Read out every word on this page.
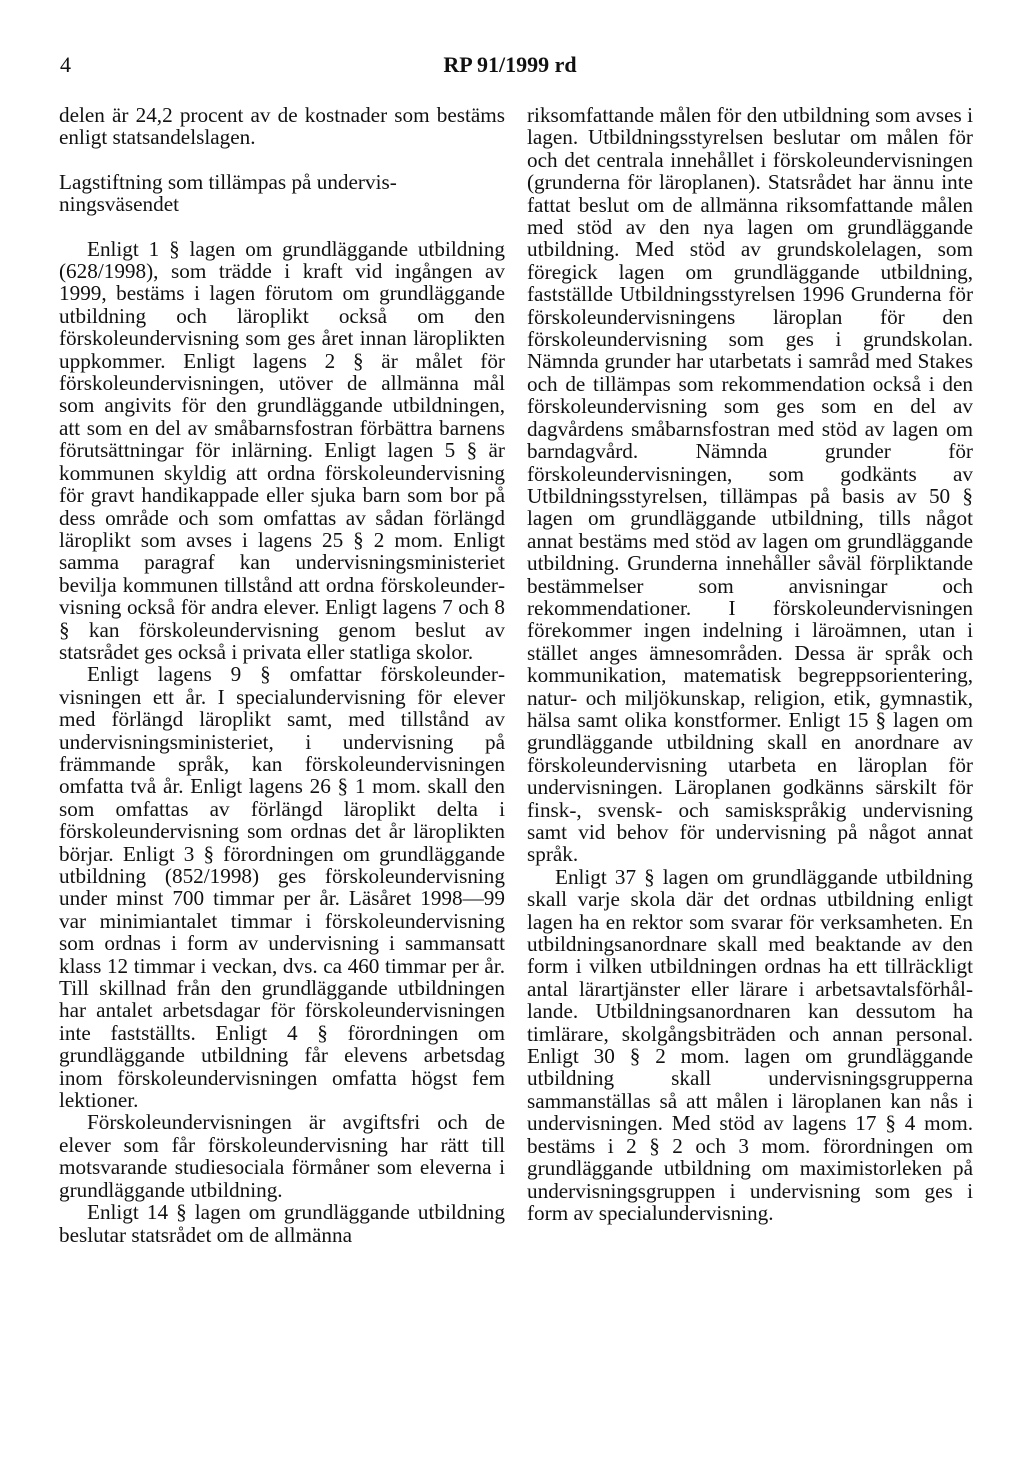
4	RP 91/1999 rd

delen är 24,2 procent av de kostnader som bestäms enligt statsandelslagen.

Lagstiftning som tillämpas på undervisningsväsendet

Enligt 1 § lagen om grundläggande utbildning (628/1998), som trädde i kraft vid ingången av 1999, bestäms i lagen förutom om grundläggande utbildning och läroplikt också om den förskoleundervisning som ges året innan läroplikten uppkommer. Enligt lagens 2 § är målet för förskoleundervisningen, utöver de allmänna mål som angivits för den grundläggande utbildningen, att som en del av småbarnsfostran förbättra barnens förutsättningar för inlärning. Enligt lagen 5 § är kommunen skyldig att ordna förskoleundervisning för gravt handikappade eller sjuka barn som bor på dess område och som omfattas av sådan förlängd läroplikt som avses i lagens 25 § 2 mom. Enligt samma paragraf kan undervisningsministeriet bevilja kommunen tillstånd att ordna förskoleundervisning också för andra elever. Enligt lagens 7 och 8 § kan förskoleundervisning genom beslut av statsrådet ges också i privata eller statliga skolor.

Enligt lagens 9 § omfattar förskoleundervisningen ett år. I specialundervisning för elever med förlängd läroplikt samt, med tillstånd av undervisningsministeriet, i undervisning på främmande språk, kan förskoleundervisningen omfatta två år. Enligt lagens 26 § 1 mom. skall den som omfattas av förlängd läroplikt delta i förskoleundervisning som ordnas det år läroplikten börjar. Enligt 3 § förordningen om grundläggande utbildning (852/1998) ges förskoleundervisning under minst 700 timmar per år. Läsåret 1998—99 var minimiantalet timmar i förskoleundervisning som ordnas i form av undervisning i sammansatt klass 12 timmar i veckan, dvs. ca 460 timmar per år. Till skillnad från den grundläggande utbildningen har antalet arbetsdagar för förskoleundervisningen inte fastställts. Enligt 4 § förordningen om grundläggande utbildning får elevens arbetsdag inom förskoleundervisningen omfatta högst fem lektioner.

Förskoleundervisningen är avgiftsfri och de elever som får förskoleundervisning har rätt till motsvarande studiesociala förmåner som eleverna i grundläggande utbildning.

Enligt 14 § lagen om grundläggande utbildning beslutar statsrådet om de allmänna

riksomfattande målen för den utbildning som avses i lagen. Utbildningsstyrelsen beslutar om målen för och det centrala innehållet i förskoleundervisningen (grunderna för läroplanen). Statsrådet har ännu inte fattat beslut om de allmänna riksomfattande målen med stöd av den nya lagen om grundläggande utbildning. Med stöd av grundskolelagen, som föregick lagen om grundläggande utbildning, fastställde Utbildningsstyrelsen 1996 Grunderna för förskoleundervisningens läroplan för den förskoleundervisning som ges i grundskolan. Nämnda grunder har utarbetats i samråd med Stakes och de tillämpas som rekommendation också i den förskoleundervisning som ges som en del av dagvårdens småbarnsfostran med stöd av lagen om barndagvård. Nämnda grunder för förskoleundervisningen, som godkänts av Utbildningsstyrelsen, tillämpas på basis av 50 § lagen om grundläggande utbildning, tills något annat bestäms med stöd av lagen om grundläggande utbildning. Grunderna innehåller såväl förpliktande bestämmelser som anvisningar och rekommendationer. I förskoleundervisningen förekommer ingen indelning i läroämnen, utan i stället anges ämnesområden. Dessa är språk och kommunikation, matematisk begreppsorientering, natur- och miljökunskap, religion, etik, gymnastik, hälsa samt olika konstformer. Enligt 15 § lagen om grundläggande utbildning skall en anordnare av förskoleundervisning utarbeta en läroplan för undervisningen. Läroplanen godkänns särskilt för finsk-, svensk- och samiskspråkig undervisning samt vid behov för undervisning på något annat språk.

Enligt 37 § lagen om grundläggande utbildning skall varje skola där det ordnas utbildning enligt lagen ha en rektor som svarar för verksamheten. En utbildningsanordnare skall med beaktande av den form i vilken utbildningen ordnas ha ett tillräckligt antal lärartjänster eller lärare i arbetsavtalsförhållande. Utbildningsanordnaren kan dessutom ha timlärare, skolgångsbiträden och annan personal. Enligt 30 § 2 mom. lagen om grundläggande utbildning skall undervisningsgrupperna sammanställas så att målen i läroplanen kan nås i undervisningen. Med stöd av lagens 17 § 4 mom. bestäms i 2 § 2 och 3 mom. förordningen om grundläggande utbildning om maximistorleken på undervisningsgruppen i undervisning som ges i form av specialundervisning.
